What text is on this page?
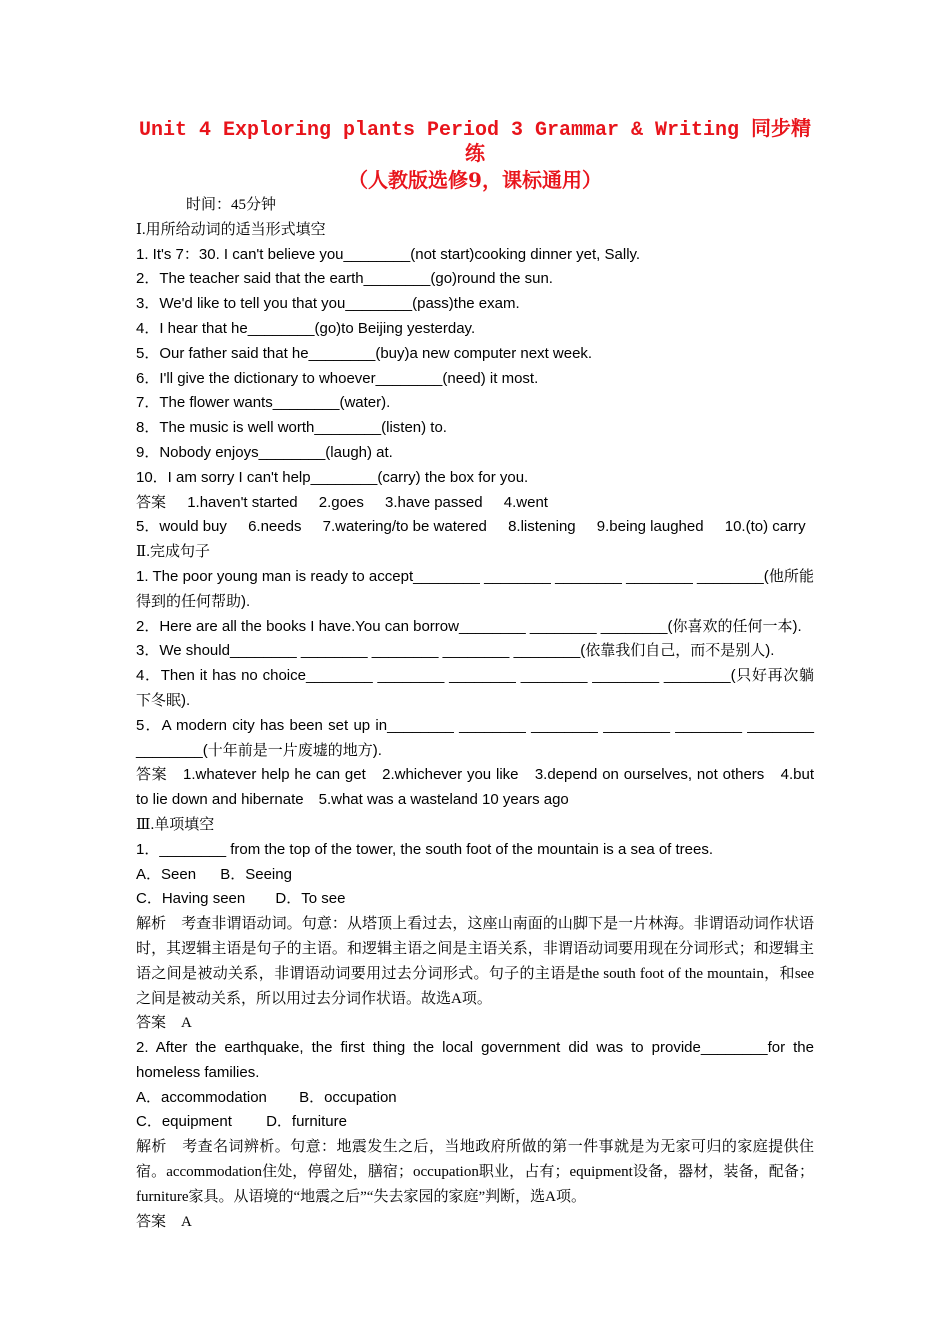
Unit 4 Exploring plants Period 3 Grammar & Writing 同步精练
（人教版选修9，课标通用）
时间：45分钟
Ⅰ.用所给动词的适当形式填空
1. It's 7：30. I can't believe you________(not start)cooking dinner yet, Sally.
2．The teacher said that the earth________(go)round the sun.
3．We'd like to tell you that you________(pass)the exam.
4．I hear that he________(go)to Beijing yesterday.
5．Our father said that he________(buy)a new computer next week.
6．I'll give the dictionary to whoever________(need) it most.
7．The flower wants________(water).
8．The music is well worth________(listen) to.
9．Nobody enjoys________(laugh) at.
10．I am sorry I can't help________(carry) the box for you.
答案 1.haven't started 2.goes 3.have passed 4.went
5．would buy 6.needs 7.watering/to be watered 8.listening 9.being laughed 10.(to) carry
Ⅱ.完成句子
1. The poor young man is ready to accept________ ________ ________ ________ ________(他所能得到的任何帮助).
2．Here are all the books I have.You can borrow________ ________ ________(你喜欢的任何一本).
3．We should________ ________ ________ ________ ________(依靠我们自己，而不是别人).
4．Then it has no choice________ ________ ________ ________ ________ ________(只好再次躺下冬眠).
5．A modern city has been set up in________ ________ ________ ________ ________ ________ ________(十年前是一片废墟的地方).
答案　1.whatever help he can get　2.whichever you like　3.depend on ourselves, not others　4.but to lie down and hibernate　5.what was a wasteland 10 years ago
Ⅲ.单项填空
1．________ from the top of the tower, the south foot of the mountain is a sea of trees.
A．Seen B．Seeing
C．Having seen D．To see
解析　考查非谓语动词。句意：从塔顶上看过去，这座山南面的山脚下是一片林海。非谓语动词作状语时，其逻辑主语是句子的主语。和逻辑主语之间是主语关系，非谓语动词要用现在分词形式；和逻辑主语之间是被动关系，非谓语动词要用过去分词形式。句子的主语是the south foot of the mountain，和see之间是被动关系，所以用过去分词作状语。故选A项。
答案　A
2. After the earthquake, the first thing the local government did was to provide________for the homeless families.
A．accommodation B．occupation
C．equipment D．furniture
解析　考查名词辨析。句意：地震发生之后，当地政府所做的第一件事就是为无家可归的家庭提供住宿。accommodation住处，停留处，膳宿；occupation职业，占有；equipment设备，器材，装备，配备；furniture家具。从语境的“地震之后”“失去家园的家庭”判断，选A项。
答案　A
